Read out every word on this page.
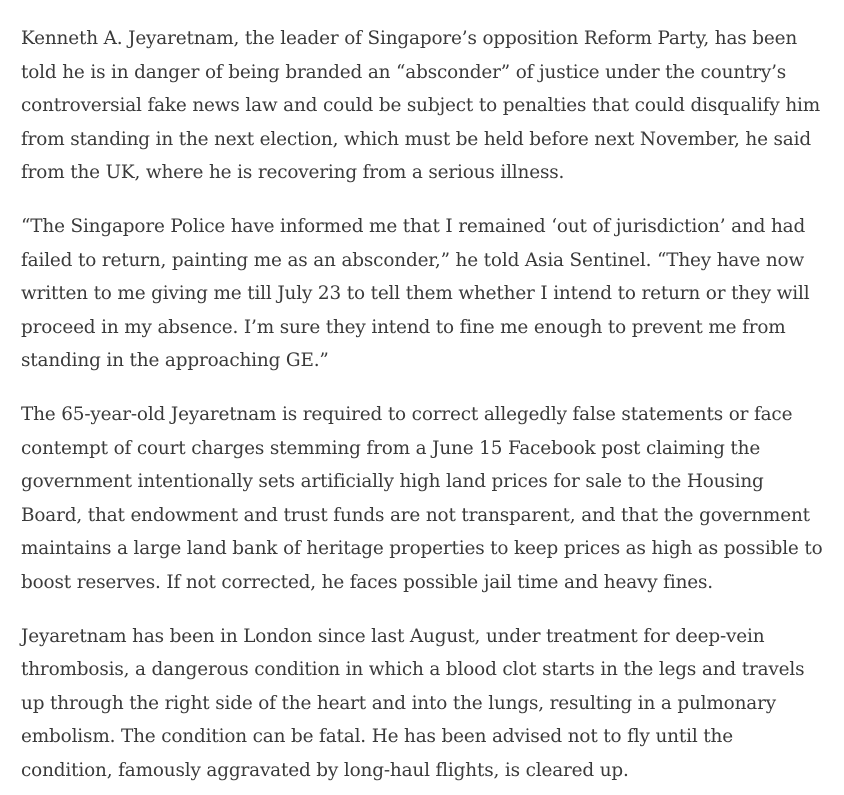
Kenneth A. Jeyaretnam, the leader of Singapore’s opposition Reform Party, has been told he is in danger of being branded an “absconder” of justice under the country’s controversial fake news law and could be subject to penalties that could disqualify him from standing in the next election, which must be held before next November, he said from the UK, where he is recovering from a serious illness.

“The Singapore Police have informed me that I remained ‘out of jurisdiction’ and had failed to return, painting me as an absconder,” he told Asia Sentinel. “They have now written to me giving me till July 23 to tell them whether I intend to return or they will proceed in my absence. I’m sure they intend to fine me enough to prevent me from standing in the approaching GE.”

The 65-year-old Jeyaretnam is required to correct allegedly false statements or face contempt of court charges stemming from a June 15 Facebook post claiming the government intentionally sets artificially high land prices for sale to the Housing Board, that endowment and trust funds are not transparent, and that the government maintains a large land bank of heritage properties to keep prices as high as possible to boost reserves. If not corrected, he faces possible jail time and heavy fines.

Jeyaretnam has been in London since last August, under treatment for deep-vein thrombosis, a dangerous condition in which a blood clot starts in the legs and travels up through the right side of the heart and into the lungs, resulting in a pulmonary embolism. The condition can be fatal. He has been advised not to fly until the condition, famously aggravated by long-haul flights, is cleared up.
